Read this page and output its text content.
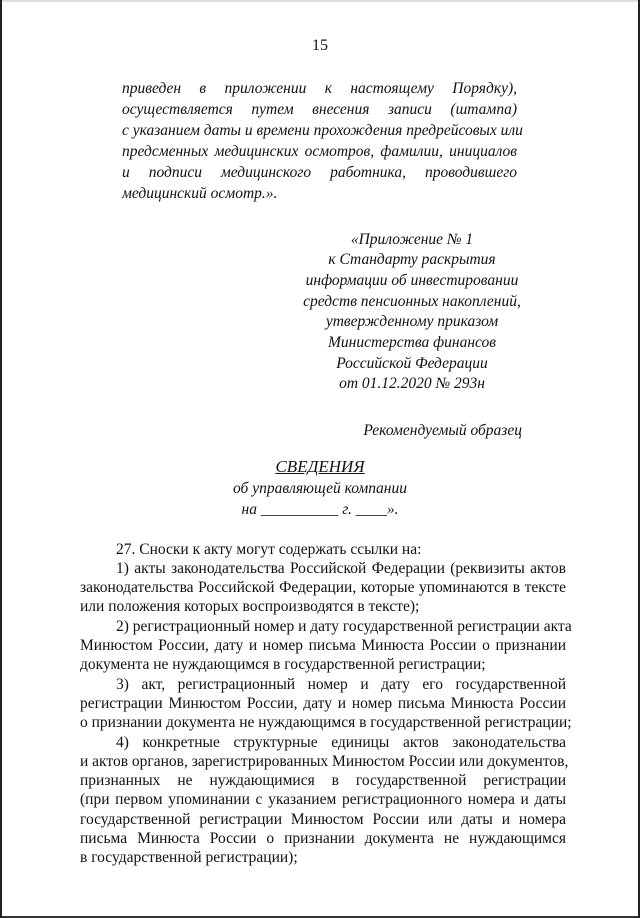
15
приведен в приложении к настоящему Порядку),
осуществляется путем внесения записи (штампа)
с указанием даты и времени прохождения предрейсовых или
предсменных медицинских осмотров, фамилии, инициалов
и подписи медицинского работника, проводившего
медицинский осмотр.».
«Приложение № 1
к Стандарту раскрытия
информации об инвестировании
средств пенсионных накоплений,
утвержденному приказом
Министерства финансов
Российской Федерации
от 01.12.2020 № 293н
Рекомендуемый образец
СВЕДЕНИЯ
об управляющей компании
на __________ г. ____».
27. Сноски к акту могут содержать ссылки на:
1) акты законодательства Российской Федерации (реквизиты актов
законодательства Российской Федерации, которые упоминаются в тексте
или положения которых воспроизводятся в тексте);
2) регистрационный номер и дату государственной регистрации акта
Минюстом России, дату и номер письма Минюста России о признании
документа не нуждающимся в государственной регистрации;
3) акт, регистрационный номер и дату его государственной
регистрации Минюстом России, дату и номер письма Минюста России
о признании документа не нуждающимся в государственной регистрации;
4) конкретные структурные единицы актов законодательства
и актов органов, зарегистрированных Минюстом России или документов,
признанных не нуждающимися в государственной регистрации
(при первом упоминании с указанием регистрационного номера и даты
государственной регистрации Минюстом России или даты и номера
письма Минюста России о признании документа не нуждающимся
в государственной регистрации);
